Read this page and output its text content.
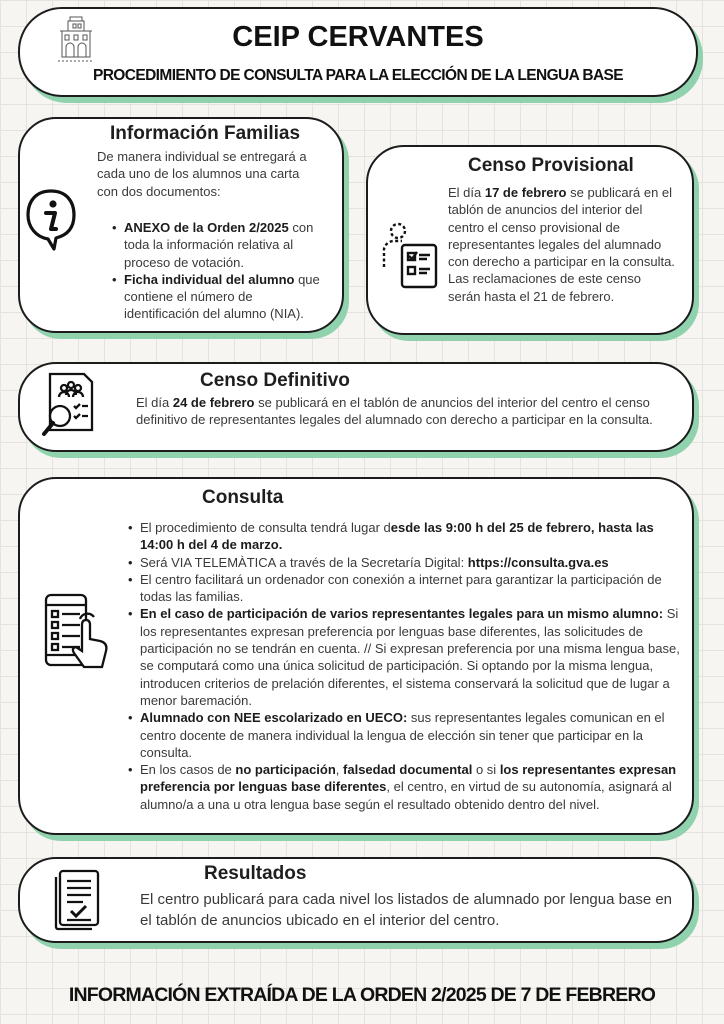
CEIP CERVANTES
PROCEDIMIENTO DE CONSULTA PARA LA ELECCIÓN DE LA LENGUA BASE
Información Familias
De manera individual se entregará a cada uno de los alumnos una carta con dos documentos:
• ANEXO de la Orden 2/2025 con toda la información relativa al proceso de votación.
• Ficha individual del alumno que contiene el número de identificación del alumno (NIA).
Censo Provisional
El día 17 de febrero se publicará en el tablón de anuncios del interior del centro el censo provisional de representantes legales del alumnado con derecho a participar en la consulta. Las reclamaciones de este censo serán hasta el 21 de febrero.
Censo Definitivo
El día 24 de febrero se publicará en el tablón de anuncios del interior del centro el censo definitivo de representantes legales del alumnado con derecho a participar en la consulta.
Consulta
• El procedimiento de consulta tendrá lugar desde las 9:00 h del 25 de febrero, hasta las 14:00 h del 4 de marzo.
• Será VIA TELEMÀTICA a través de la Secretaría Digital: https://consulta.gva.es
• El centro facilitará un ordenador con conexión a internet para garantizar la participación de todas las familias.
• En el caso de participación de varios representantes legales para un mismo alumno: Si los representantes expresan preferencia por lenguas base diferentes, las solicitudes de participación no se tendrán en cuenta. // Si expresan preferencia por una misma lengua base, se computará como una única solicitud de participación. Si optando por la misma lengua, introducen criterios de prelación diferentes, el sistema conservará la solicitud que de lugar a menor baremación.
• Alumnado con NEE escolarizado en UECO: sus representantes legales comunican en el centro docente de manera individual la lengua de elección sin tener que participar en la consulta.
• En los casos de no participación, falsedad documental o si los representantes expresan preferencia por lenguas base diferentes, el centro, en virtud de su autonomía, asignará al alumno/a a una u otra lengua base según el resultado obtenido dentro del nivel.
Resultados
El centro publicará para cada nivel los listados de alumnado por lengua base en el tablón de anuncios ubicado en el interior del centro.
INFORMACIÓN EXTRAÍDA DE LA ORDEN 2/2025 DE 7 DE FEBRERO
